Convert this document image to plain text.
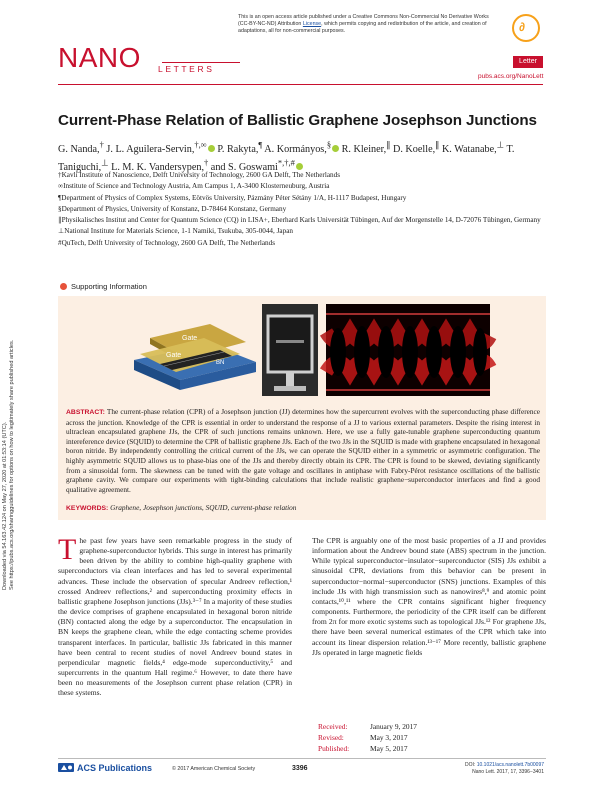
Downloaded via 54.163.42.124 on May 27, 2020 at 01:53:14 (UTC). See https://pubs.acs.org/sharingguidelines for options on how to legitimately share published articles.
This is an open access article published under a Creative Commons Non-Commercial No Derivative Works (CC-BY-NC-ND) Attribution License, which permits copying and redistribution of the article, and creation of adaptations, all for non-commercial purposes.	∂
NANO LETTERS
Letter
pubs.acs.org/NanoLett
Current-Phase Relation of Ballistic Graphene Josephson Junctions
G. Nanda,† J. L. Aguilera-Servin,†,∞ P. Rakyta,¶ A. Kormányos,§ R. Kleiner,∥ D. Koelle,∥ K. Watanabe,⊥ T. Taniguchi,⊥ L. M. K. Vandersypen,† and S. Goswami*,†,#
†Kavli Institute of Nanoscience, Delft University of Technology, 2600 GA Delft, The Netherlands
∞Institute of Science and Technology Austria, Am Campus 1, A-3400 Klosterneuburg, Austria
¶Department of Physics of Complex Systems, Eötvös University, Pázmány Péter Sétány 1/A, H-1117 Budapest, Hungary
§Department of Physics, University of Konstanz, D-78464 Konstanz, Germany
∥Physikalisches Institut and Center for Quantum Science (CQ) in LISA+, Eberhard Karls Universität Tübingen, Auf der Morgenstelle 14, D-72076 Tübingen, Germany
⊥National Institute for Materials Science, 1-1 Namiki, Tsukuba, 305-0044, Japan
#QuTech, Delft University of Technology, 2600 GA Delft, The Netherlands
Supporting Information
Gate
Gate
BN
ABSTRACT: The current-phase relation (CPR) of a Josephson junction (JJ) determines how the supercurrent evolves with the superconducting phase difference across the junction. Knowledge of the CPR is essential in order to understand the response of a JJ to various external parameters. Despite the rising interest in ultraclean encapsulated graphene JJs, the CPR of such junctions remains unknown. Here, we use a fully gate-tunable graphene superconducting quantum intereference device (SQUID) to determine the CPR of ballistic graphene JJs. Each of the two JJs in the SQUID is made with graphene encapsulated in hexagonal boron nitride. By independently controlling the critical current of the JJs, we can operate the SQUID either in a symmetric or asymmetric configuration. The highly asymmetric SQUID allows us to phase-bias one of the JJs and thereby directly obtain its CPR. The CPR is found to be skewed, deviating significantly from a sinusoidal form. The skewness can be tuned with the gate voltage and oscillates in antiphase with Fabry-Pérot resistance oscillations of the ballistic graphene cavity. We compare our experiments with tight-binding calculations that include realistic graphene−superconductor interfaces and find a good qualitative agreement.
KEYWORDS: Graphene, Josephson junctions, SQUID, current-phase relation
The past few years have seen remarkable progress in the study of graphene-superconductor hybrids. This surge in interest has primarily been driven by the ability to combine high-quality graphene with superconductors via clean interfaces and has led to several experimental advances. These include the observation of specular Andreev reflection,¹ crossed Andreev reflections,² and superconducting proximity effects in ballistic graphene Josephson junctions (JJs).³⁻⁷ In a majority of these studies the device comprises of graphene encapsulated in hexagonal boron nitride (BN) contacted along the edge by a superconductor. The encapsulation in BN keeps the graphene clean, while the edge contacting scheme provides transparent interfaces. In particular, ballistic JJs fabricated in this manner have been central to recent studies of novel Andreev bound states in perpendicular magnetic fields,⁴ edge-mode superconductivity,⁵ and supercurrents in the quantum Hall regime.⁶ However, to date there have been no measurements of the Josephson current phase relation (CPR) in these systems.
The CPR is arguably one of the most basic properties of a JJ and provides information about the Andreev bound state (ABS) spectrum in the junction. While typical superconductor−insulator−superconductor (SIS) JJs exhibit a sinusoidal CPR, deviations from this behavior can be present in superconductor−normal−superconductor (SNS) junctions. Examples of this include JJs with high transmission such as nanowires⁸,⁹ and atomic point contacts,¹⁰,¹¹ where the CPR contains significant higher frequency components. Furthermore, the periodicity of the CPR itself can be different from 2π for more exotic systems such as topological JJs.¹² For graphene JJs, there have been several numerical estimates of the CPR which take into account its linear dispersion relation.¹³⁻¹⁷ More recently, ballistic graphene JJs operated in large magnetic fields
Received:	January 9, 2017
Revised:	May 3, 2017
Published:	May 5, 2017
ACS Publications	© 2017 American Chemical Society	3396	DOI: 10.1021/acs.nanolett.7b00097
Nano Lett. 2017, 17, 3396−3401
